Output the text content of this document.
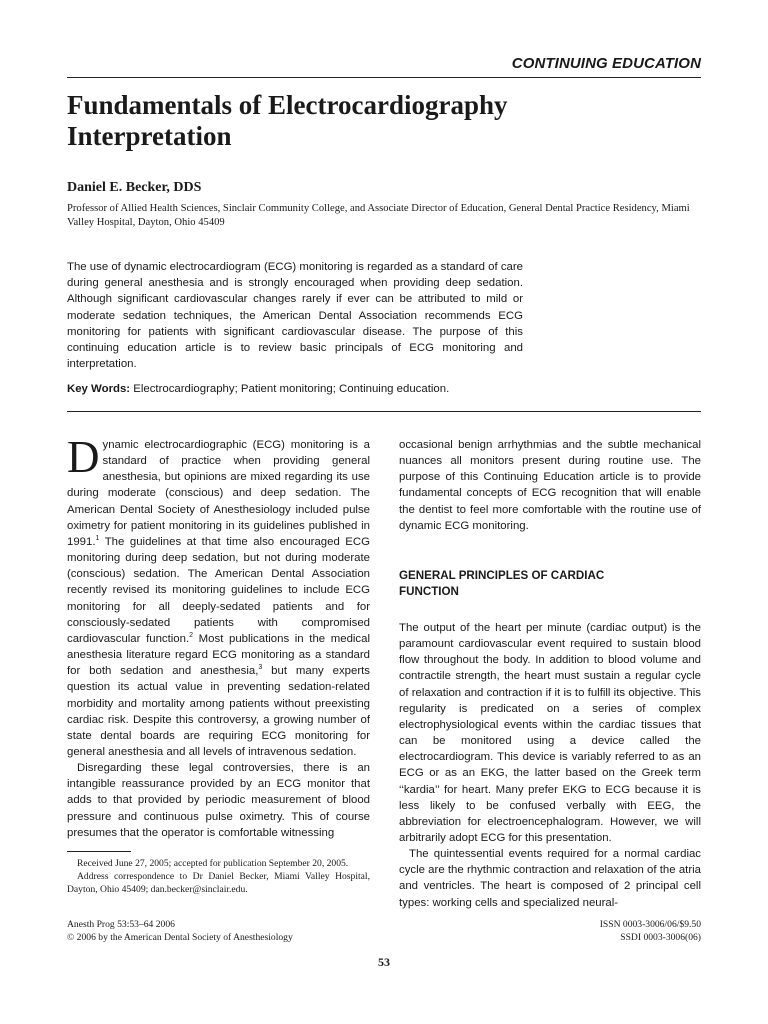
CONTINUING EDUCATION
Fundamentals of Electrocardiography
Interpretation
Daniel E. Becker, DDS
Professor of Allied Health Sciences, Sinclair Community College, and Associate Director of Education, General Dental Practice Residency, Miami Valley Hospital, Dayton, Ohio 45409
The use of dynamic electrocardiogram (ECG) monitoring is regarded as a standard of care during general anesthesia and is strongly encouraged when providing deep sedation. Although significant cardiovascular changes rarely if ever can be attributed to mild or moderate sedation techniques, the American Dental Association recommends ECG monitoring for patients with significant cardiovascular disease. The purpose of this continuing education article is to review basic principals of ECG monitoring and interpretation.
Key Words: Electrocardiography; Patient monitoring; Continuing education.

Dynamic electrocardiographic (ECG) monitoring is a standard of practice when providing general anesthesia, but opinions are mixed regarding its use during moderate (conscious) and deep sedation. The American Dental Society of Anesthesiology included pulse oximetry for patient monitoring in its guidelines published in 1991.$^1$ The guidelines at that time also encouraged ECG monitoring during deep sedation, but not during moderate (conscious) sedation. The American Dental Association recently revised its monitoring guidelines to include ECG monitoring for all deeply-sedated patients and for consciously-sedated patients with compromised cardiovascular function.$^2$ Most publications in the medical anesthesia literature regard ECG monitoring as a standard for both sedation and anesthesia,$^3$ but many experts question its actual value in preventing sedation-related morbidity and mortality among patients without preexisting cardiac risk. Despite this controversy, a growing number of state dental boards are requiring ECG monitoring for general anesthesia and all levels of intravenous sedation.

Disregarding these legal controversies, there is an intangible reassurance provided by an ECG monitor that adds to that provided by periodic measurement of blood pressure and continuous pulse oximetry. This of course presumes that the operator is comfortable witnessing

occasional benign arrhythmias and the subtle mechanical nuances all monitors present during routine use. The purpose of this Continuing Education article is to provide fundamental concepts of ECG recognition that will enable the dentist to feel more comfortable with the routine use of dynamic ECG monitoring.

GENERAL PRINCIPLES OF CARDIAC
FUNCTION

The output of the heart per minute (cardiac output) is the paramount cardiovascular event required to sustain blood flow throughout the body. In addition to blood volume and contractile strength, the heart must sustain a regular cycle of relaxation and contraction if it is to fulfill its objective. This regularity is predicated on a series of complex electrophysiological events within the cardiac tissues that can be monitored using a device called the electrocardiogram. This device is variably referred to as an ECG or as an EKG, the latter based on the Greek term ‘‘kardia’’ for heart. Many prefer EKG to ECG because it is less likely to be confused verbally with EEG, the abbreviation for electroencephalogram. However, we will arbitrarily adopt ECG for this presentation.

The quintessential events required for a normal cardiac cycle are the rhythmic contraction and relaxation of the atria and ventricles. The heart is composed of 2 principal cell types: working cells and specialized neural-

Received June 27, 2005; accepted for publication September 20, 2005.

Address correspondence to Dr Daniel Becker, Miami Valley Hospital, Dayton, Ohio 45409; dan.becker@sinclair.edu.

Anesth Prog 53:53–64 2006
© 2006 by the American Dental Society of Anesthesiology
ISSN 0003-3006/06/$9.50
SSDI 0003-3006(06)
53
